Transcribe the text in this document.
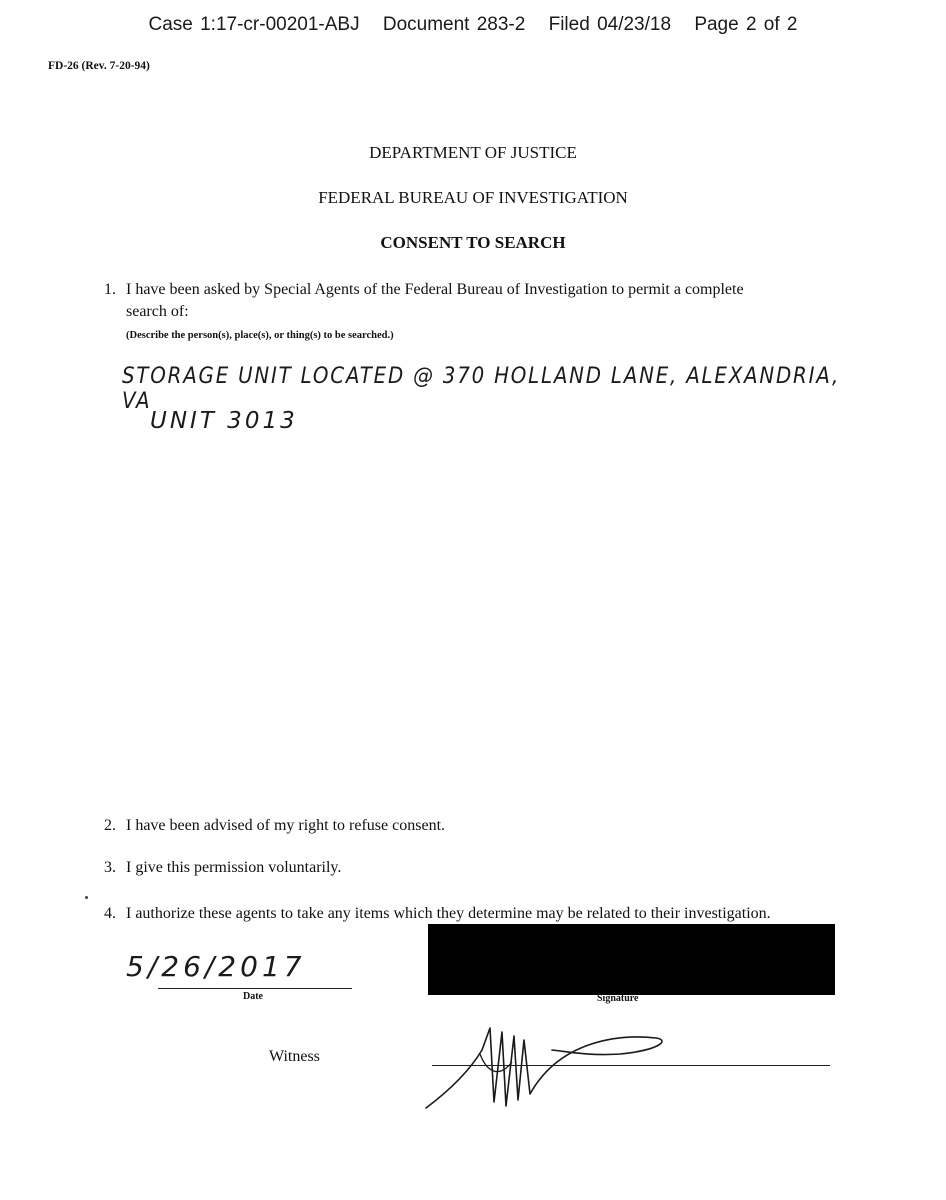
Case 1:17-cr-00201-ABJ Document 283-2 Filed 04/23/18 Page 2 of 2
FD-26 (Rev. 7-20-94)
DEPARTMENT OF JUSTICE
FEDERAL BUREAU OF INVESTIGATION
CONSENT TO SEARCH
1. I have been asked by Special Agents of the Federal Bureau of Investigation to permit a complete
search of:
(Describe the person(s), place(s), or thing(s) to be searched.)
STORAGE UNIT LOCATED @ 370 HOLLAND LANE, ALEXANDRIA, VA
UNIT 3013
2. I have been advised of my right to refuse consent.
3. I give this permission voluntarily.
4. I authorize these agents to take any items which they determine may be related to their investigation.
5/26/2017
Date	Signature
Witness
